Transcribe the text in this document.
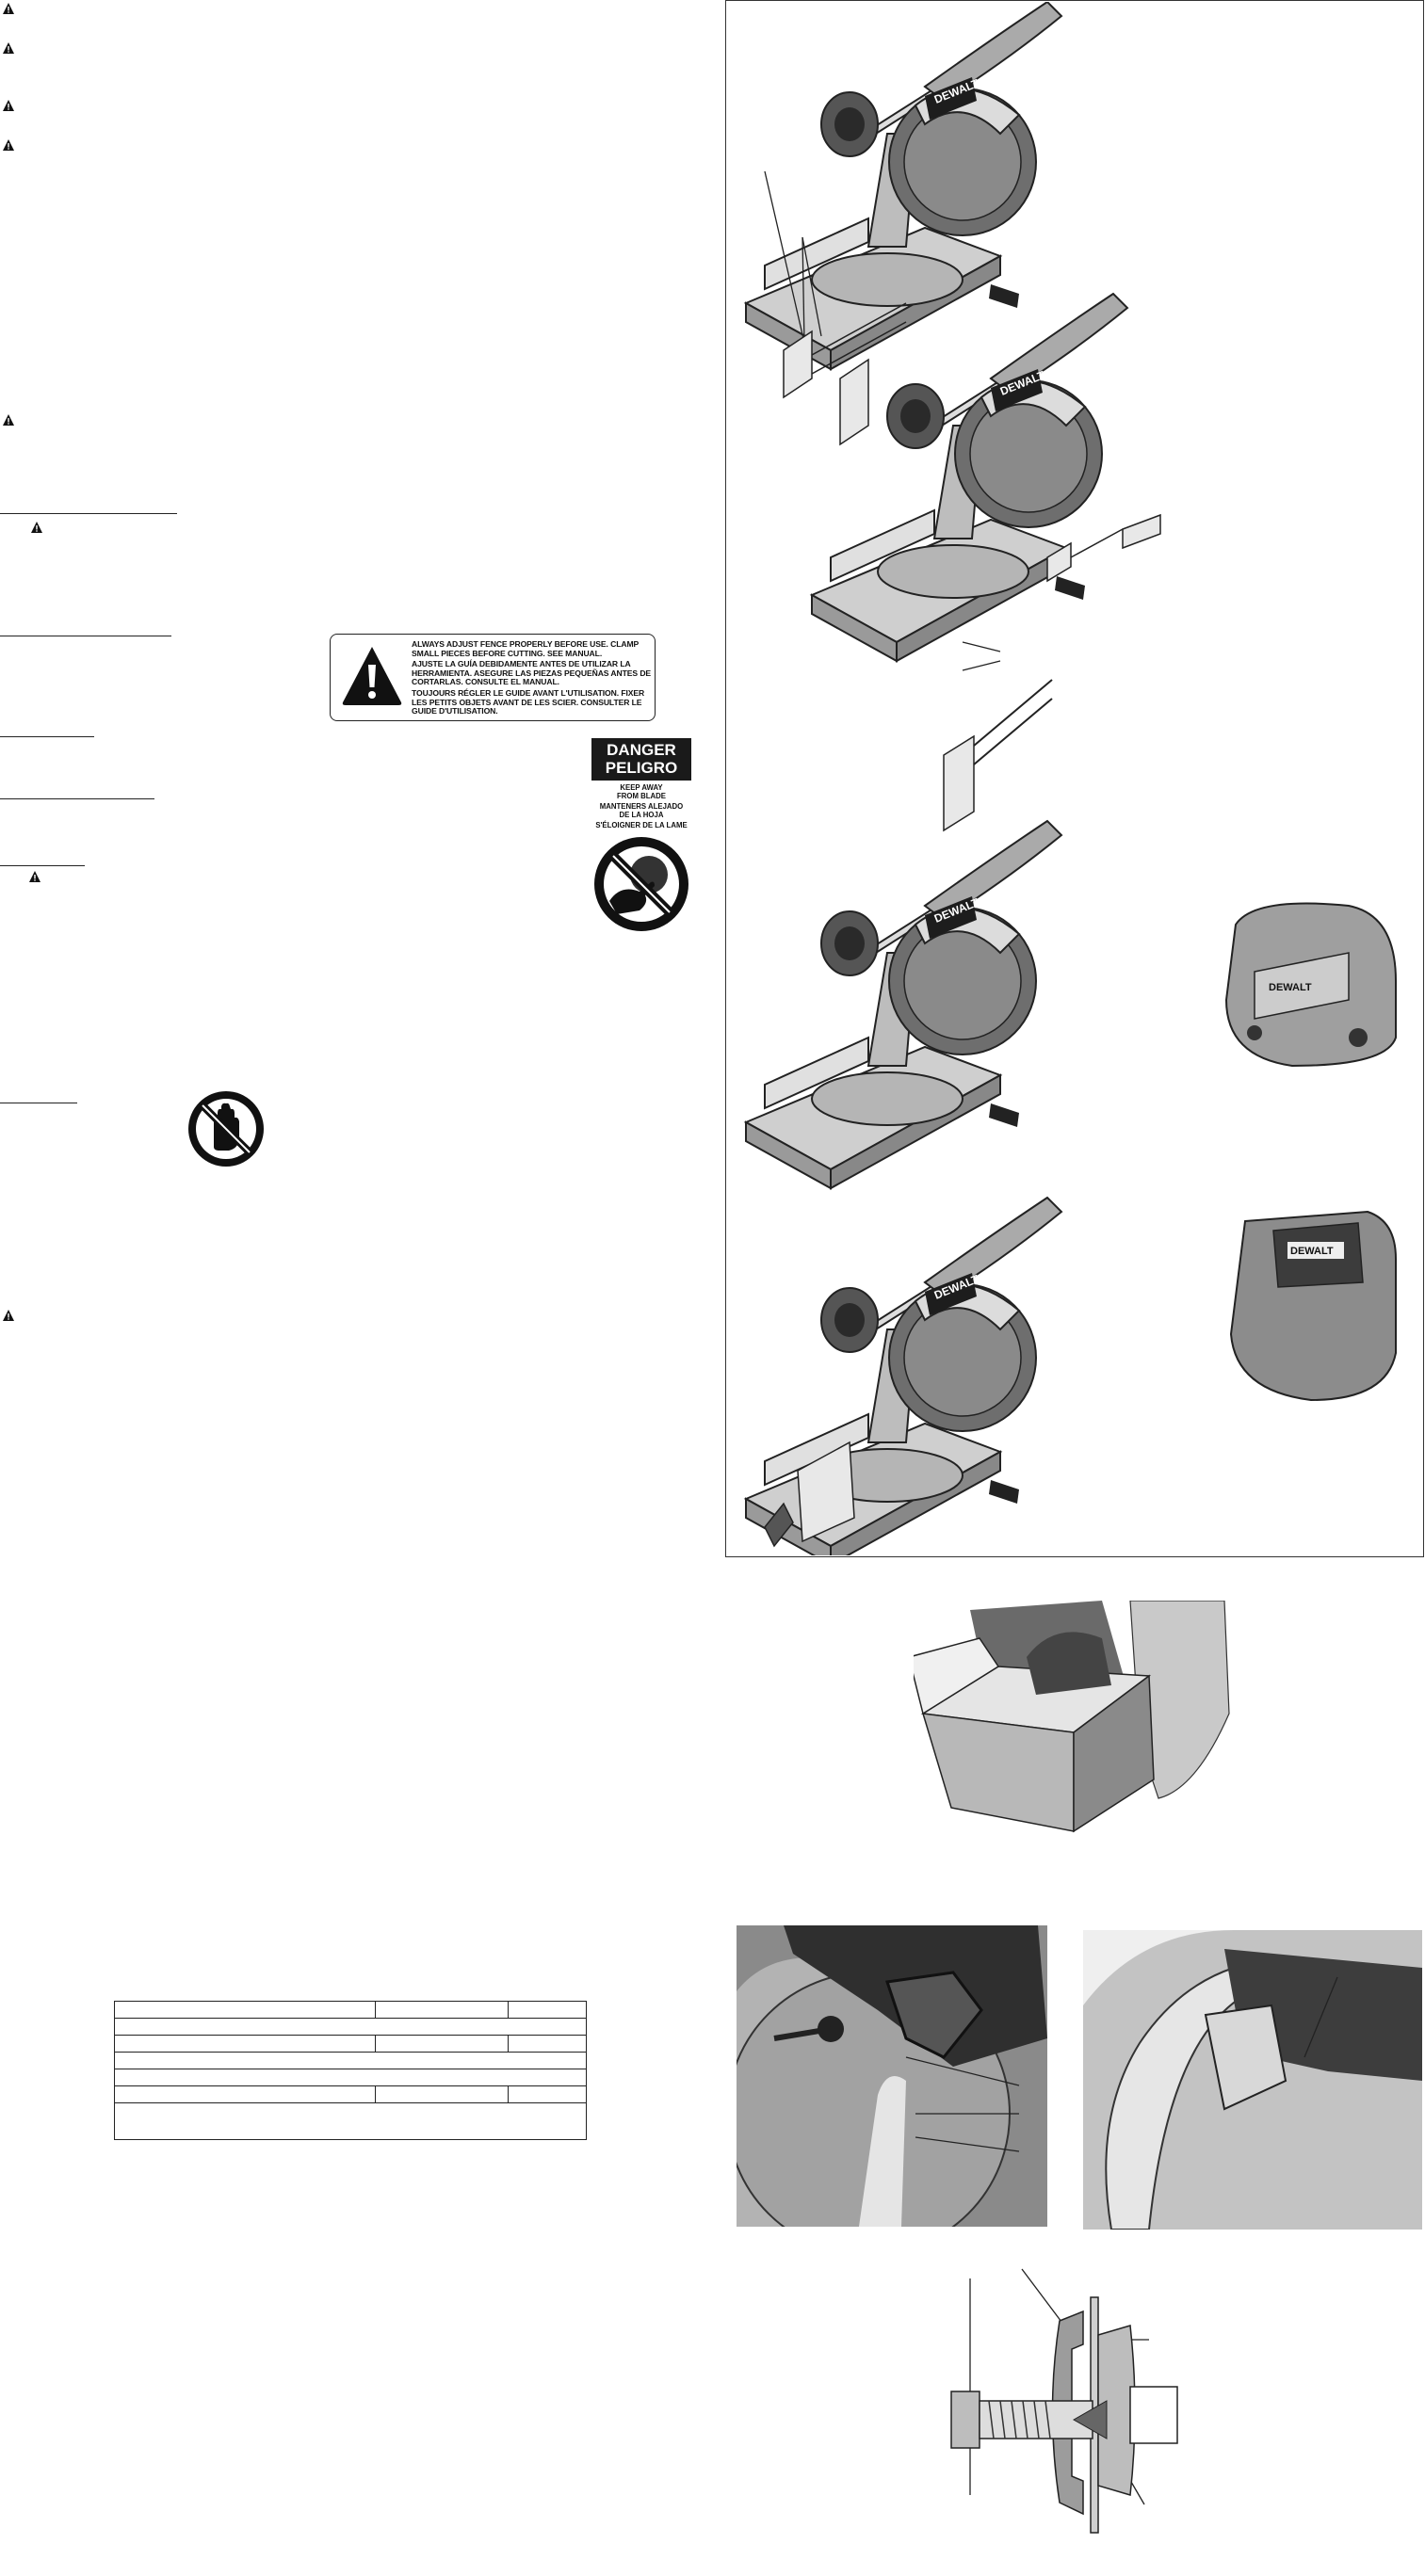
ALWAYS ADJUST FENCE PROPERLY BEFORE USE. CLAMP SMALL PIECES BEFORE CUTTING. SEE MANUAL.
AJUSTE LA GUÍA DEBIDAMENTE ANTES DE UTILIZAR LA HERRAMIENTA. ASEGURE LAS PIEZAS PEQUEÑAS ANTES DE CORTARLAS. CONSULTE EL MANUAL.
TOUJOURS RÉGLER LE GUIDE AVANT L'UTILISATION. FIXER LES PETITS OBJETS AVANT DE LES SCIER. CONSULTER LE GUIDE D'UTILISATION.
DANGER
PELIGRO
KEEP AWAY
FROM BLADE
MANTENERS ALEJADO
DE LA HOJA
S'ÉLOIGNER DE LA LAME
DEWALT
DEWALT
